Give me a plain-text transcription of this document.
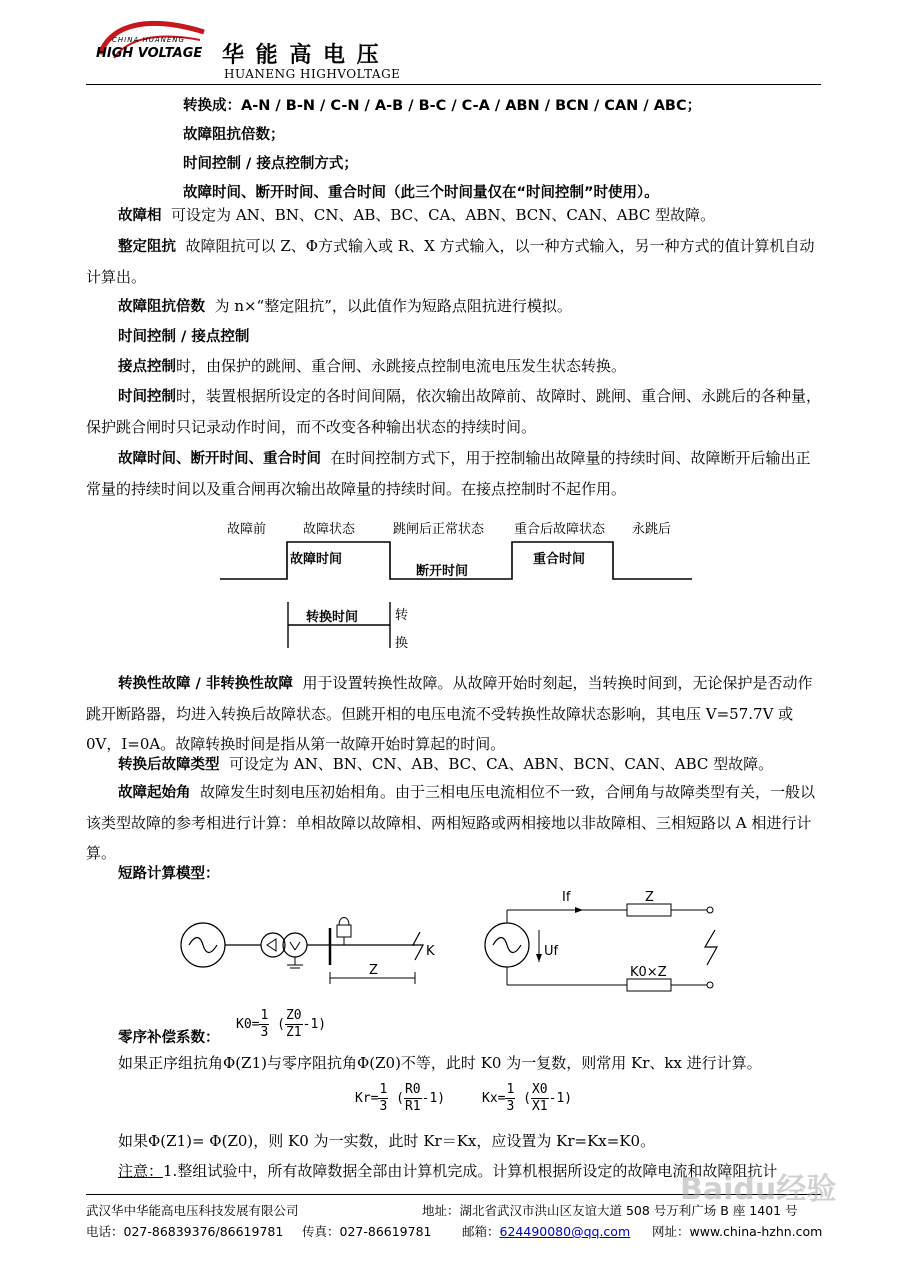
CHINA HUANENG
HIGH VOLTAGE 华 能 高 电 压
HUANENG HIGHVOLTAGE
转换成：A-N / B-N / C-N / A-B / B-C / C-A / ABN / BCN / CAN / ABC；
故障阻抗倍数；
时间控制 / 接点控制方式；
故障时间、断开时间、重合时间（此三个时间量仅在“时间控制”时使用）。
故障相 可设定为 AN、BN、CN、AB、BC、CA、ABN、BCN、CAN、ABC 型故障。
整定阻抗 故障阻抗可以 Z、Φ方式输入或 R、X 方式输入，以一种方式输入，另一种方式的值计算机自动计算出。
故障阻抗倍数 为 n×“整定阻抗”，以此值作为短路点阻抗进行模拟。
时间控制 / 接点控制
接点控制时，由保护的跳闸、重合闸、永跳接点控制电流电压发生状态转换。
时间控制时，装置根据所设定的各时间间隔，依次输出故障前、故障时、跳闸、重合闸、永跳后的各种量，保护跳合闸时只记录动作时间，而不改变各种输出状态的持续时间。
故障时间、断开时间、重合时间 在时间控制方式下，用于控制输出故障量的持续时间、故障断开后输出正常量的持续时间以及重合闸再次输出故障量的持续时间。在接点控制时不起作用。
故障前	故障状态	跳闸后正常状态 重合后故障状态 永跳后
故障时间
断开时间
重合时间
转换时间	转
换
转换性故障 / 非转换性故障 用于设置转换性故障。从故障开始时刻起，当转换时间到，无论保护是否动作跳开断路器，均进入转换后故障状态。但跳开相的电压电流不受转换性故障状态影响，其电压 V=57.7V 或 0V，I=0A。故障转换时间是指从第一故障开始时算起的时间。
转换后故障类型 可设定为 AN、BN、CN、AB、BC、CA、ABN、BCN、CAN、ABC 型故障。
故障起始角 故障发生时刻电压初始相角。由于三相电压电流相位不一致，合闸角与故障类型有关，一般以该类型故障的参考相进行计算：单相故障以故障相、两相短路或两相接地以非故障相、三相短路以 A 相进行计算。
短路计算模型：
K
Z
If
Uf
Z
K0×Z
零序补偿系数：
$K0= \frac{1}{3}$ ( $\frac{Z0}{Z1} -1$)
如果正序组抗角Φ(Z1)与零序阻抗角Φ(Z0)不等，此时 K0 为一复数，则常用 Kr、kx 进行计算。
$Kr= \frac{1}{3}$ ( $\frac{R0}{R1} -1$)	$Kx= \frac{1}{3}$ ( $\frac{X0}{X1} -1$)
如果Φ(Z1)= Φ(Z0)，则 K0 为一实数，此时 Kr＝Kx，应设置为 Kr=Kx=K0。
注意：1.整组试验中，所有故障数据全部由计算机完成。计算机根据所设定的故障电流和故障阻抗计
武汉华中华能高电压科技发展有限公司	地址：湖北省武汉市洪山区友谊大道 508 号万利广场 B 座 1401 号
电话：027-86839376/86619781 传真：027-86619781 邮箱：624490080@qq.com 网址：www.china-hzhn.com
Baidu经验
